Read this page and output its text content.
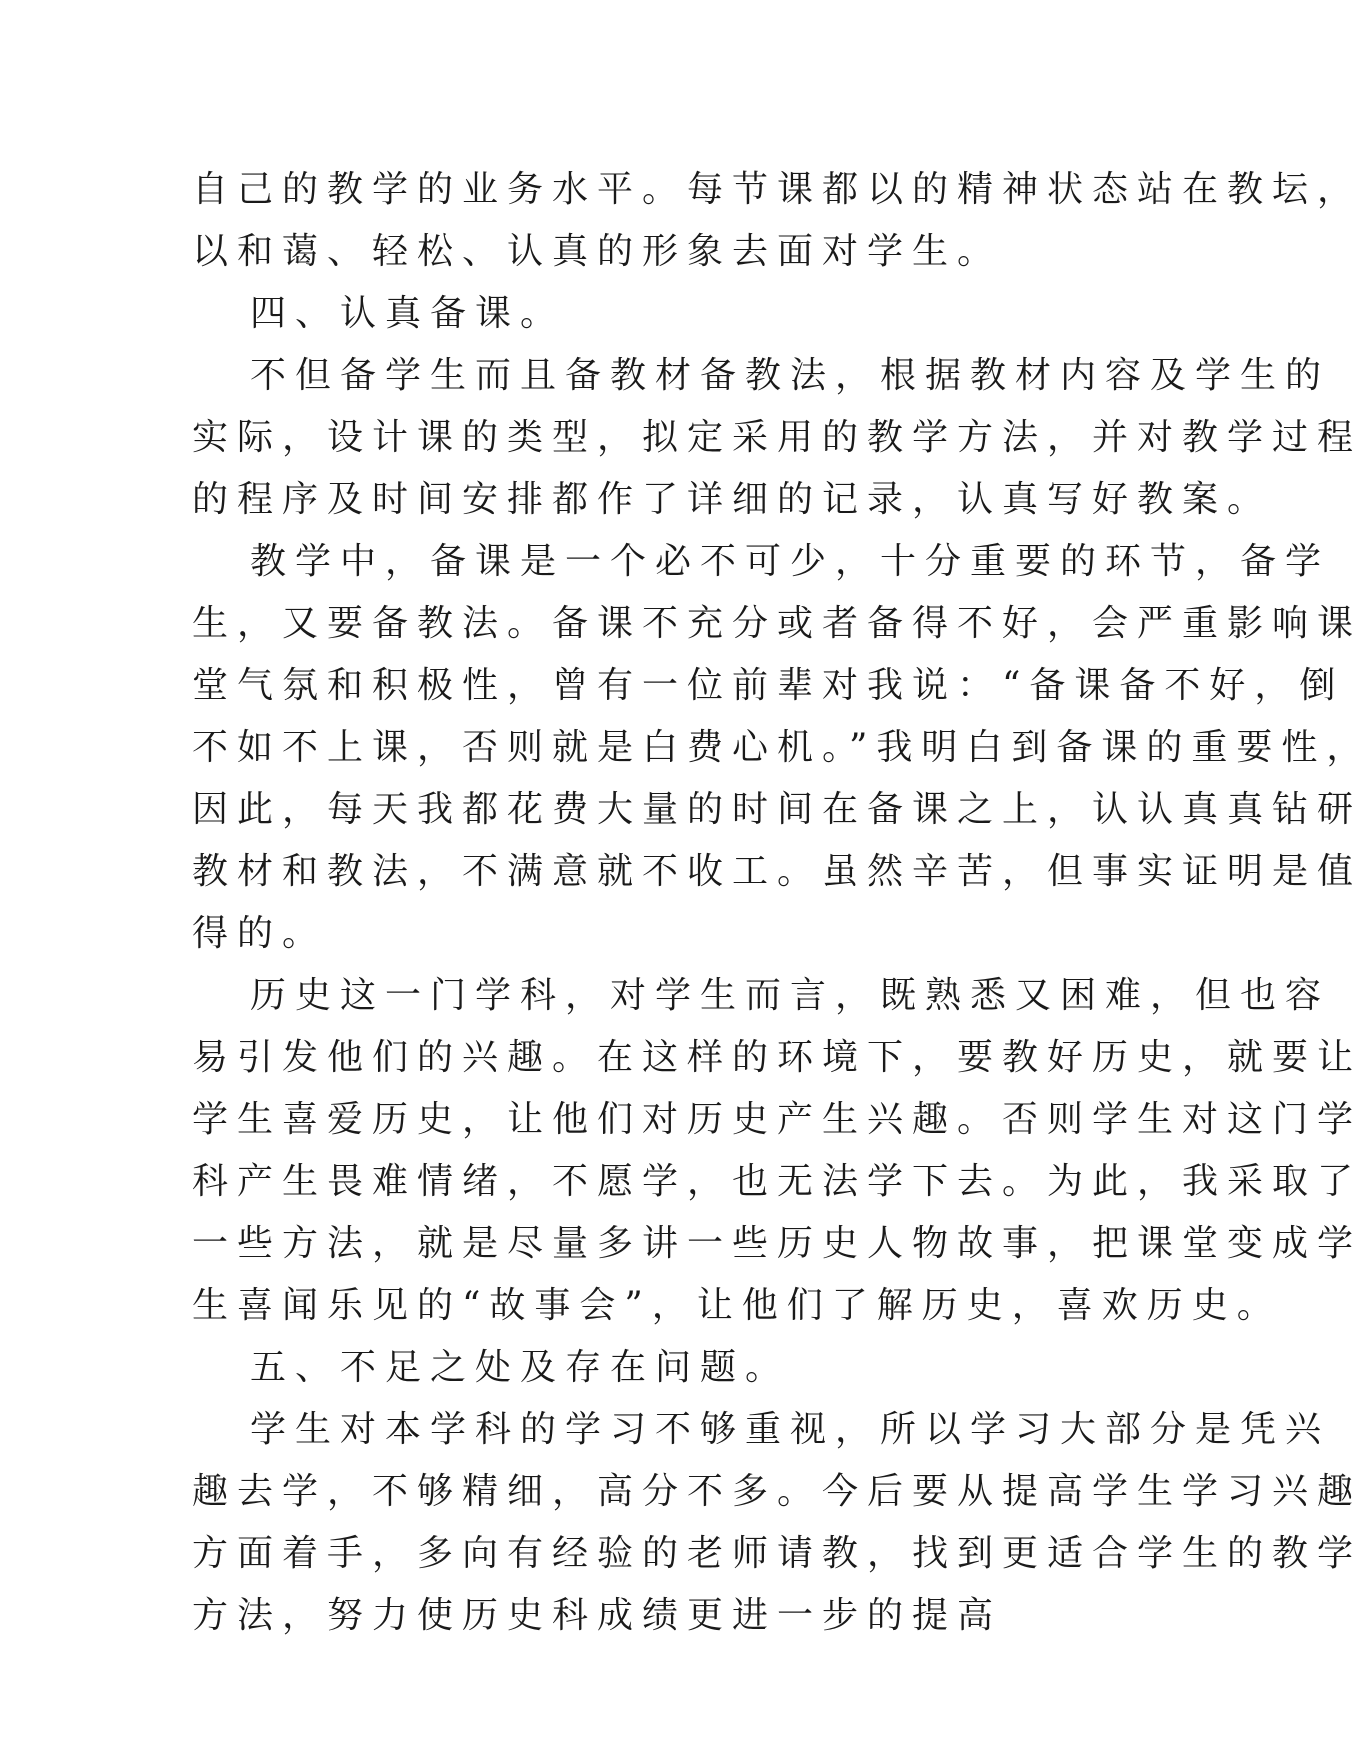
自己的教学的业务水平。每节课都以的精神状态站在教坛，
以和蔼、轻松、认真的形象去面对学生。
四、认真备课。
不但备学生而且备教材备教法，根据教材内容及学生的
实际，设计课的类型，拟定采用的教学方法，并对教学过程
的程序及时间安排都作了详细的记录，认真写好教案。
教学中，备课是一个必不可少，十分重要的环节，备学
生，又要备教法。备课不充分或者备得不好，会严重影响课
堂气氛和积极性，曾有一位前辈对我说：“备课备不好，倒
不如不上课，否则就是白费心机。”我明白到备课的重要性，
因此，每天我都花费大量的时间在备课之上，认认真真钻研
教材和教法，不满意就不收工。虽然辛苦，但事实证明是值
得的。
历史这一门学科，对学生而言，既熟悉又困难，但也容
易引发他们的兴趣。在这样的环境下，要教好历史，就要让
学生喜爱历史，让他们对历史产生兴趣。否则学生对这门学
科产生畏难情绪，不愿学，也无法学下去。为此，我采取了
一些方法，就是尽量多讲一些历史人物故事，把课堂变成学
生喜闻乐见的“故事会”，让他们了解历史，喜欢历史。
五、不足之处及存在问题。
学生对本学科的学习不够重视，所以学习大部分是凭兴
趣去学，不够精细，高分不多。今后要从提高学生学习兴趣
方面着手，多向有经验的老师请教，找到更适合学生的教学
方法，努力使历史科成绩更进一步的提高
